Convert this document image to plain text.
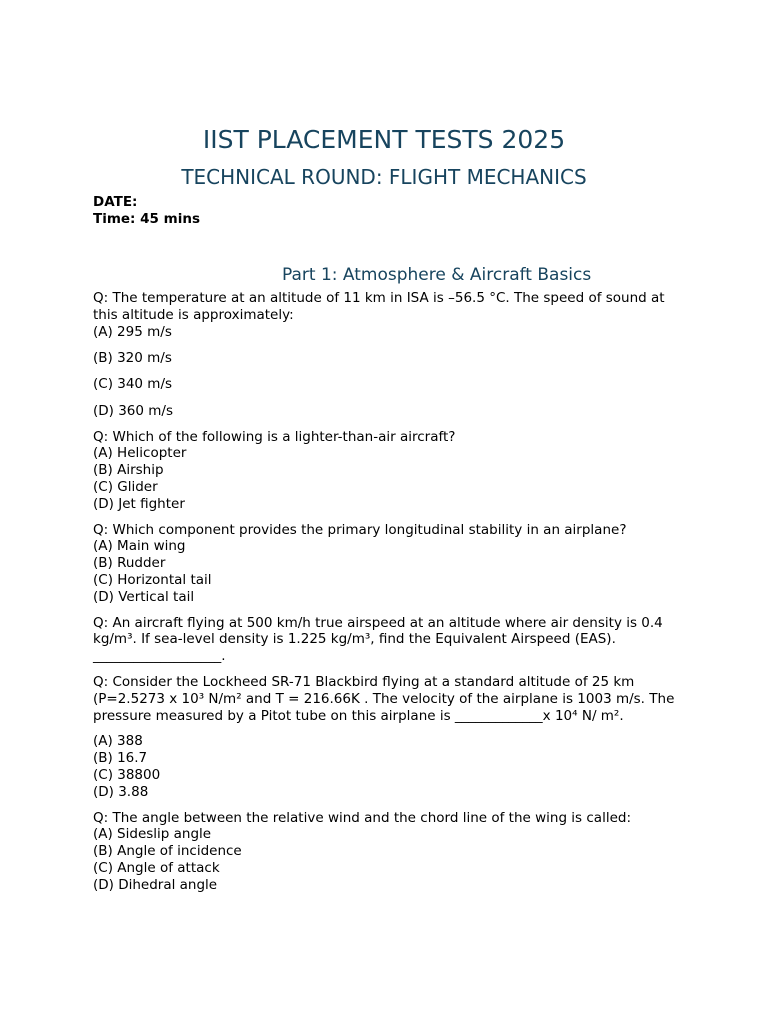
IIST PLACEMENT TESTS 2025
TECHNICAL ROUND: FLIGHT MECHANICS
DATE:
Time: 45 mins
Part 1: Atmosphere & Aircraft Basics

Q: The temperature at an altitude of 11 km in ISA is –56.5 °C. The speed of sound at this altitude is approximately:

(A) 295 m/s

(B) 320 m/s

(C) 340 m/s

(D) 360 m/s

Q: Which of the following is a lighter-than-air aircraft?
(A) Helicopter
(B) Airship
(C) Glider
(D) Jet fighter
Q: Which component provides the primary longitudinal stability in an airplane?
(A) Main wing
(B) Rudder
(C) Horizontal tail
(D) Vertical tail
Q: An aircraft flying at 500 km/h true airspeed at an altitude where air density is 0.4 kg/m³. If sea-level density is 1.225 kg/m³, find the Equivalent Airspeed (EAS).
___________________.
Q: Consider the Lockheed SR-71 Blackbird flying at a standard altitude of 25 km (P=2.5273 x 10³ N/m² and T = 216.66K . The velocity of the airplane is 1003 m/s. The pressure measured by a Pitot tube on this airplane is _____________x 10⁴ N/ m².
(A) 388
(B) 16.7
(C) 38800
(D) 3.88
Q: The angle between the relative wind and the chord line of the wing is called:
(A) Sideslip angle
(B) Angle of incidence
(C) Angle of attack
(D) Dihedral angle
